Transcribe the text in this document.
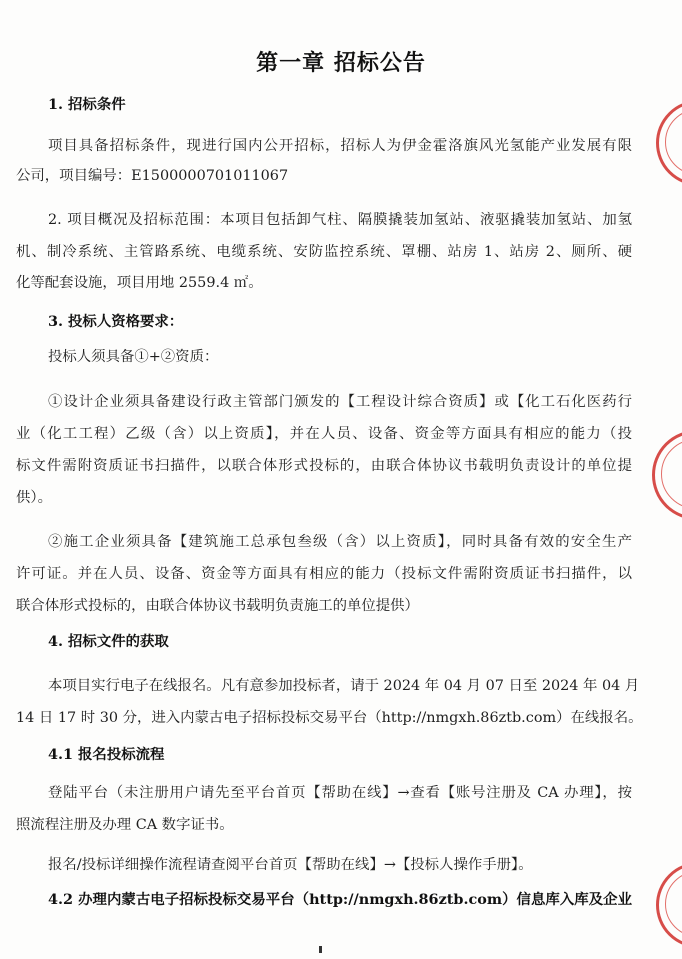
第一章 招标公告
1. 招标条件
项目具备招标条件，现进行国内公开招标，招标人为伊金霍洛旗风光氢能产业发展有限
公司，项目编号：E1500000701011067
2. 项目概况及招标范围：本项目包括卸气柱、隔膜撬装加氢站、液驱撬装加氢站、加氢
机、制冷系统、主管路系统、电缆系统、安防监控系统、罩棚、站房 1、站房 2、厕所、硬
化等配套设施，项目用地 2559.4 ㎡。
3. 投标人资格要求：
投标人须具备①+②资质：
①设计企业须具备建设行政主管部门颁发的【工程设计综合资质】或【化工石化医药行
业（化工工程）乙级（含）以上资质】，并在人员、设备、资金等方面具有相应的能力（投
标文件需附资质证书扫描件，以联合体形式投标的，由联合体协议书载明负责设计的单位提
供）。
②施工企业须具备【建筑施工总承包叁级（含）以上资质】，同时具备有效的安全生产
许可证。并在人员、设备、资金等方面具有相应的能力（投标文件需附资质证书扫描件，以
联合体形式投标的，由联合体协议书载明负责施工的单位提供）
4. 招标文件的获取
本项目实行电子在线报名。凡有意参加投标者，请于 2024 年 04 月 07 日至 2024 年 04 月
14 日 17 时 30 分，进入内蒙古电子招标投标交易平台（http://nmgxh.86ztb.com）在线报名。
4.1 报名投标流程
登陆平台（未注册用户请先至平台首页【帮助在线】→查看【账号注册及 CA 办理】，按
照流程注册及办理 CA 数字证书。
报名/投标详细操作流程请查阅平台首页【帮助在线】→【投标人操作手册】。
4.2 办理内蒙古电子招标投标交易平台（http://nmgxh.86ztb.com）信息库入库及企业
